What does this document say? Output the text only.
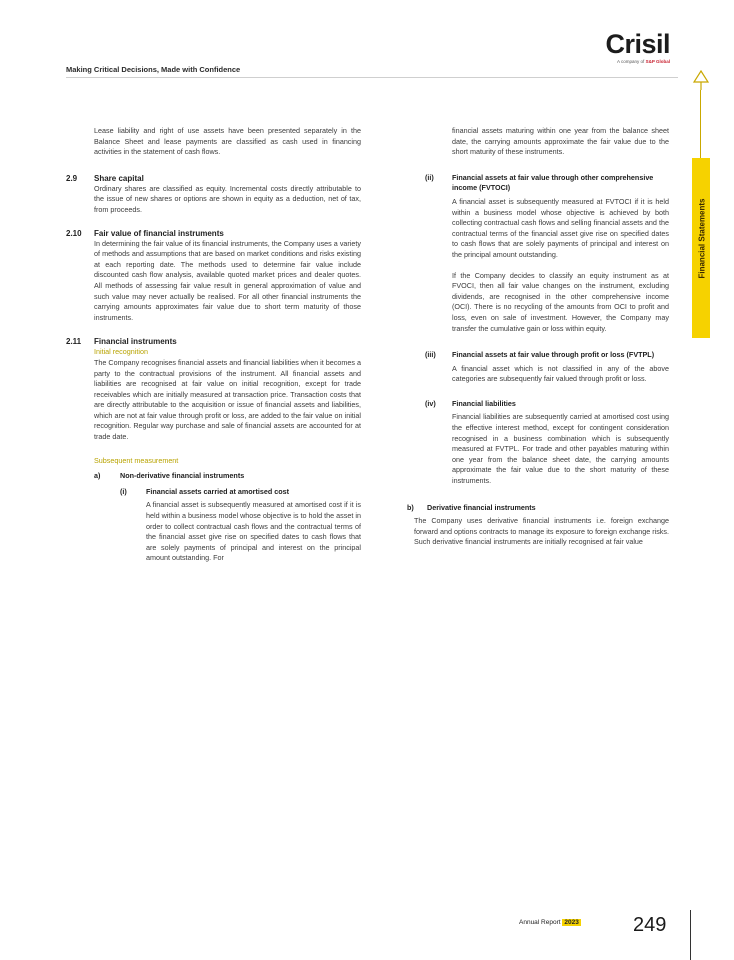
Making Critical Decisions, Made with Confidence
Crisil
A company of S&P Global
Financial Statements

Lease liability and right of use assets have been presented separately in the Balance Sheet and lease payments are classified as cash used in financing activities in the statement of cash flows.

2.9 Share capital

Ordinary shares are classified as equity. Incremental costs directly attributable to the issue of new shares or options are shown in equity as a deduction, net of tax, from proceeds.

2.10 Fair value of financial instruments

In determining the fair value of its financial instruments, the Company uses a variety of methods and assumptions that are based on market conditions and risks existing at each reporting date. The methods used to determine fair value include discounted cash flow analysis, available quoted market prices and dealer quotes. All methods of assessing fair value result in general approximation of value and such value may never actually be realised. For all other financial instruments the carrying amounts approximates fair value due to short term maturity of those instruments.

2.11 Financial instruments
Initial recognition

The Company recognises financial assets and financial liabilities when it becomes a party to the contractual provisions of the instrument. All financial assets and liabilities are recognised at fair value on initial recognition, except for trade receivables which are initially measured at transaction price. Transaction costs that are directly attributable to the acquisition or issue of financial assets and liabilities, which are not at fair value through profit or loss, are added to the fair value on initial recognition. Regular way purchase and sale of financial assets are accounted for at trade date.

Subsequent measurement
a)	Non-derivative financial instruments
(i)	Financial assets carried at amortised cost

A financial asset is subsequently measured at amortised cost if it is held within a business model whose objective is to hold the asset in order to collect contractual cash flows and the contractual terms of the financial asset give rise on specified dates to cash flows that are solely payments of principal and interest on the principal amount outstanding. For

financial assets maturing within one year from the balance sheet date, the carrying amounts approximate the fair value due to the short maturity of these instruments.

(ii)	Financial assets at fair value through other comprehensive income (FVTOCI)

A financial asset is subsequently measured at FVTOCI if it is held within a business model whose objective is achieved by both collecting contractual cash flows and selling financial assets and the contractual terms of the financial asset give rise on specified dates to cash flows that are solely payments of principal and interest on the principal amount outstanding.

If the Company decides to classify an equity instrument as at FVOCI, then all fair value changes on the instrument, excluding dividends, are recognised in the other comprehensive income (OCI). There is no recycling of the amounts from OCI to profit and loss, even on sale of investment. However, the Company may transfer the cumulative gain or loss within equity.

(iii) Financial assets at fair value through profit or loss (FVTPL)

A financial asset which is not classified in any of the above categories are subsequently fair valued through profit or loss.

(iv) Financial liabilities

Financial liabilities are subsequently carried at amortised cost using the effective interest method, except for contingent consideration recognised in a business combination which is subsequently measured at FVTPL. For trade and other payables maturing within one year from the balance sheet date, the carrying amounts approximate the fair value due to the short maturity of these instruments.

b) Derivative financial instruments

The Company uses derivative financial instruments i.e. foreign exchange forward and options contracts to manage its exposure to foreign exchange risks. Such derivative financial instruments are initially recognised at fair value

Annual Report 2023	249
